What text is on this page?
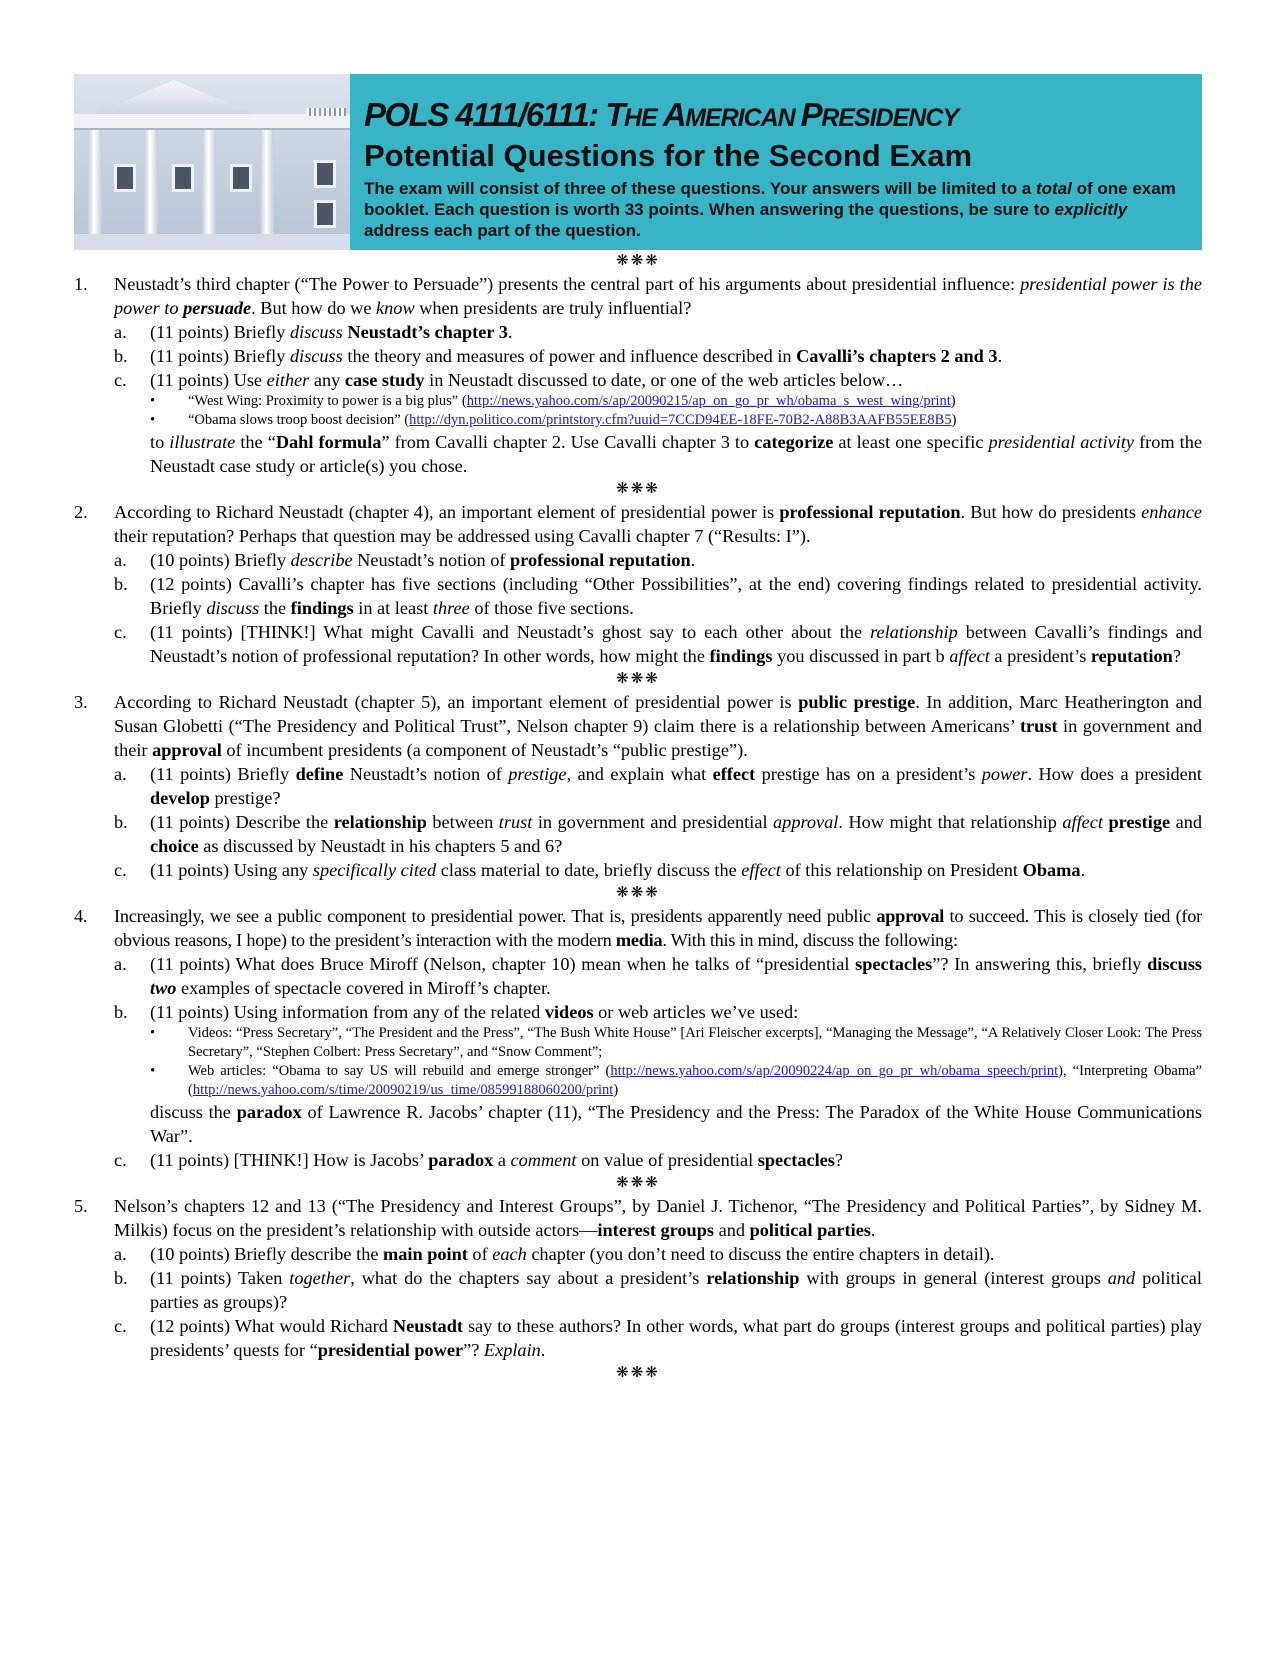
POLS 4111/6111: THE AMERICAN PRESIDENCY
Potential Questions for the Second Exam
The exam will consist of three of these questions. Your answers will be limited to a total of one exam booklet. Each question is worth 33 points. When answering the questions, be sure to explicitly address each part of the question.
❋❋❋
1. Neustadt’s third chapter (“The Power to Persuade”) presents the central part of his arguments about presidential influence: presidential power is the power to persuade. But how do we know when presidents are truly influential?
a. (11 points) Briefly discuss Neustadt’s chapter 3.
b. (11 points) Briefly discuss the theory and measures of power and influence described in Cavalli’s chapters 2 and 3.
c. (11 points) Use either any case study in Neustadt discussed to date, or one of the web articles below…
• “West Wing: Proximity to power is a big plus” (http://news.yahoo.com/s/ap/20090215/ap_on_go_pr_wh/obama_s_west_wing/print)
• “Obama slows troop boost decision” (http://dyn.politico.com/printstory.cfm?uuid=7CCD94EE-18FE-70B2-A88B3AAFB55EE8B5)
to illustrate the “Dahl formula” from Cavalli chapter 2. Use Cavalli chapter 3 to categorize at least one specific presidential activity from the Neustadt case study or article(s) you chose.
❋❋❋
2. According to Richard Neustadt (chapter 4), an important element of presidential power is professional reputation. But how do presidents enhance their reputation? Perhaps that question may be addressed using Cavalli chapter 7 (“Results: I”).
a. (10 points) Briefly describe Neustadt’s notion of professional reputation.
b. (12 points) Cavalli’s chapter has five sections (including “Other Possibilities”, at the end) covering findings related to presidential activity. Briefly discuss the findings in at least three of those five sections.
c. (11 points) [THINK!] What might Cavalli and Neustadt’s ghost say to each other about the relationship between Cavalli’s findings and Neustadt’s notion of professional reputation? In other words, how might the findings you discussed in part b affect a president’s reputation?
❋❋❋
3. According to Richard Neustadt (chapter 5), an important element of presidential power is public prestige. In addition, Marc Heatherington and Susan Globetti (“The Presidency and Political Trust”, Nelson chapter 9) claim there is a relationship between Americans’ trust in government and their approval of incumbent presidents (a component of Neustadt’s “public prestige”).
a. (11 points) Briefly define Neustadt’s notion of prestige, and explain what effect prestige has on a president’s power. How does a president develop prestige?
b. (11 points) Describe the relationship between trust in government and presidential approval. How might that relationship affect prestige and choice as discussed by Neustadt in his chapters 5 and 6?
c. (11 points) Using any specifically cited class material to date, briefly discuss the effect of this relationship on President Obama.
❋❋❋
4. Increasingly, we see a public component to presidential power. That is, presidents apparently need public approval to succeed. This is closely tied (for obvious reasons, I hope) to the president’s interaction with the modern media. With this in mind, discuss the following:
a. (11 points) What does Bruce Miroff (Nelson, chapter 10) mean when he talks of “presidential spectacles”? In answering this, briefly discuss two examples of spectacle covered in Miroff’s chapter.
b. (11 points) Using information from any of the related videos or web articles we’ve used:
• Videos: “Press Secretary”, “The President and the Press”, “The Bush White House” [Ari Fleischer excerpts], “Managing the Message”, “A Relatively Closer Look: The Press Secretary”, “Stephen Colbert: Press Secretary”, and “Snow Comment”;
• Web articles: “Obama to say US will rebuild and emerge stronger” (http://news.yahoo.com/s/ap/20090224/ap_on_go_pr_wh/obama_speech/print), “Interpreting Obama” (http://news.yahoo.com/s/time/20090219/us_time/08599188060200/print)
discuss the paradox of Lawrence R. Jacobs’ chapter (11), “The Presidency and the Press: The Paradox of the White House Communications War”.
c. (11 points) [THINK!] How is Jacobs’ paradox a comment on value of presidential spectacles?
❋❋❋
5. Nelson’s chapters 12 and 13 (“The Presidency and Interest Groups”, by Daniel J. Tichenor, “The Presidency and Political Parties”, by Sidney M. Milkis) focus on the president’s relationship with outside actors—interest groups and political parties.
a. (10 points) Briefly describe the main point of each chapter (you don’t need to discuss the entire chapters in detail).
b. (11 points) Taken together, what do the chapters say about a president’s relationship with groups in general (interest groups and political parties as groups)?
c. (12 points) What would Richard Neustadt say to these authors? In other words, what part do groups (interest groups and political parties) play presidents’ quests for “presidential power”? Explain.
❋❋❋
